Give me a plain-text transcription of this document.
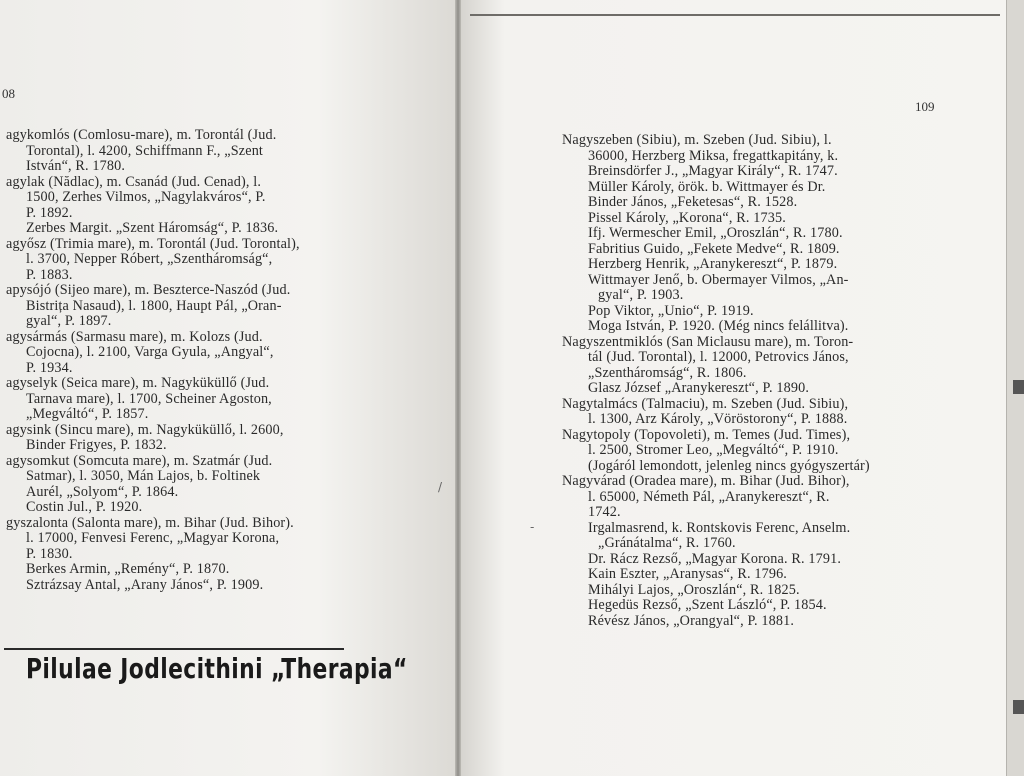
08
agykomlós (Comlosu-mare), m. Torontál (Jud.
Torontal), l. 4200, Schiffmann F., „Szent
István“, R. 1780.
agylak (Nădlac), m. Csanád (Jud. Cenad), l.
1500, Zerhes Vilmos, „Nagylakváros“, P.
P. 1892.
Zerbes Margit. „Szent Háromság“, P. 1836.
agyősz (Trimia mare), m. Torontál (Jud. Torontal),
l. 3700, Nepper Róbert, „Szentháromság“,
P. 1883.
apysójó (Sijeo mare), m. Beszterce-Naszód (Jud.
Bistrița Nasaud), l. 1800, Haupt Pál, „Oran-
gyal“, P. 1897.
agysármás (Sarmasu mare), m. Kolozs (Jud.
Cojocna), l. 2100, Varga Gyula, „Angyal“,
P. 1934.
agyselyk (Seica mare), m. Nagyküküllő (Jud.
Tarnava mare), l. 1700, Scheiner Agoston,
„Megváltó“, P. 1857.
agysink (Sincu mare), m. Nagyküküllő, l. 2600,
Binder Frigyes, P. 1832.
agysomkut (Somcuta mare), m. Szatmár (Jud.
Satmar), l. 3050, Mán Lajos, b. Foltinek
Aurél, „Solyom“, P. 1864.
Costin Jul., P. 1920.
gyszalonta (Salonta mare), m. Bihar (Jud. Bihor).
l. 17000, Fenvesi Ferenc, „Magyar Korona,
P. 1830.
Berkes Armin, „Remény“, P. 1870.
Sztrázsay Antal, „Arany János“, P. 1909.
Pilulae Jodlecithini „Therapia“
/
109
Nagyszeben (Sibiu), m. Szeben (Jud. Sibiu), l.
36000, Herzberg Miksa, fregattkapitány, k.
Breinsdörfer J., „Magyar Király“, R. 1747.
Müller Károly, örök. b. Wittmayer és Dr.
Binder János, „Feketesas“, R. 1528.
Pissel Károly, „Korona“, R. 1735.
Ifj. Wermescher Emil, „Oroszlán“, R. 1780.
Fabritius Guido, „Fekete Medve“, R. 1809.
Herzberg Henrik, „Aranykereszt“, P. 1879.
Wittmayer Jenő, b. Obermayer Vilmos, „An-
gyal“, P. 1903.
Pop Viktor, „Unio“, P. 1919.
Moga István, P. 1920. (Még nincs felállitva).
Nagyszentmiklós (San Miclausu mare), m. Toron-
tál (Jud. Torontal), l. 12000, Petrovics János,
„Szentháromság“, R. 1806.
Glasz József „Aranykereszt“, P. 1890.
Nagytalmács (Talmaciu), m. Szeben (Jud. Sibiu),
l. 1300, Arz Károly, „Vöröstorony“, P. 1888.
Nagytopoly (Topovoleti), m. Temes (Jud. Times),
l. 2500, Stromer Leo, „Megváltó“, P. 1910.
(Jogáról lemondott, jelenleg nincs gyógyszertár)
Nagyvárad (Oradea mare), m. Bihar (Jud. Bihor),
l. 65000, Németh Pál, „Aranykereszt“, R.
1742.
Irgalmasrend, k. Rontskovis Ferenc, Anselm.
„Gránátalma“, R. 1760.
Dr. Rácz Rezső, „Magyar Korona. R. 1791.
Kain Eszter, „Aranysas“, R. 1796.
Mihályi Lajos, „Oroszlán“, R. 1825.
Hegedüs Rezső, „Szent László“, P. 1854.
Révész János, „Orangyal“, P. 1881.
-
